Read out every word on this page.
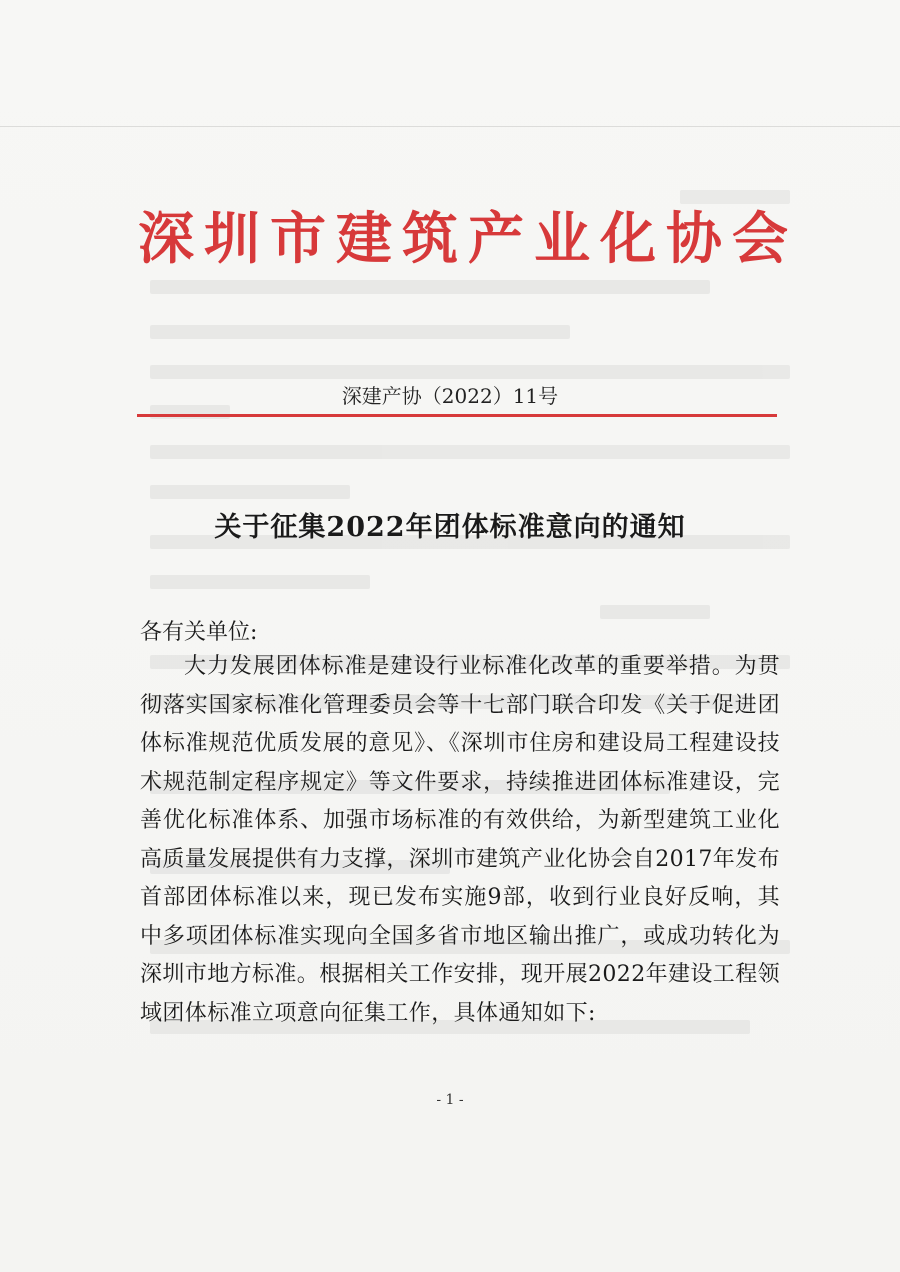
深圳市建筑产业化协会
深建产协（2022）11号
关于征集2022年团体标准意向的通知
各有关单位:
大力发展团体标准是建设行业标准化改革的重要举措。为贯彻落实国家标准化管理委员会等十七部门联合印发《关于促进团体标准规范优质发展的意见》、《深圳市住房和建设局工程建设技术规范制定程序规定》等文件要求，持续推进团体标准建设，完善优化标准体系、加强市场标准的有效供给，为新型建筑工业化高质量发展提供有力支撑，深圳市建筑产业化协会自2017年发布首部团体标准以来，现已发布实施9部，收到行业良好反响，其中多项团体标准实现向全国多省市地区输出推广，或成功转化为深圳市地方标准。根据相关工作安排，现开展2022年建设工程领域团体标准立项意向征集工作，具体通知如下:
- 1 -
